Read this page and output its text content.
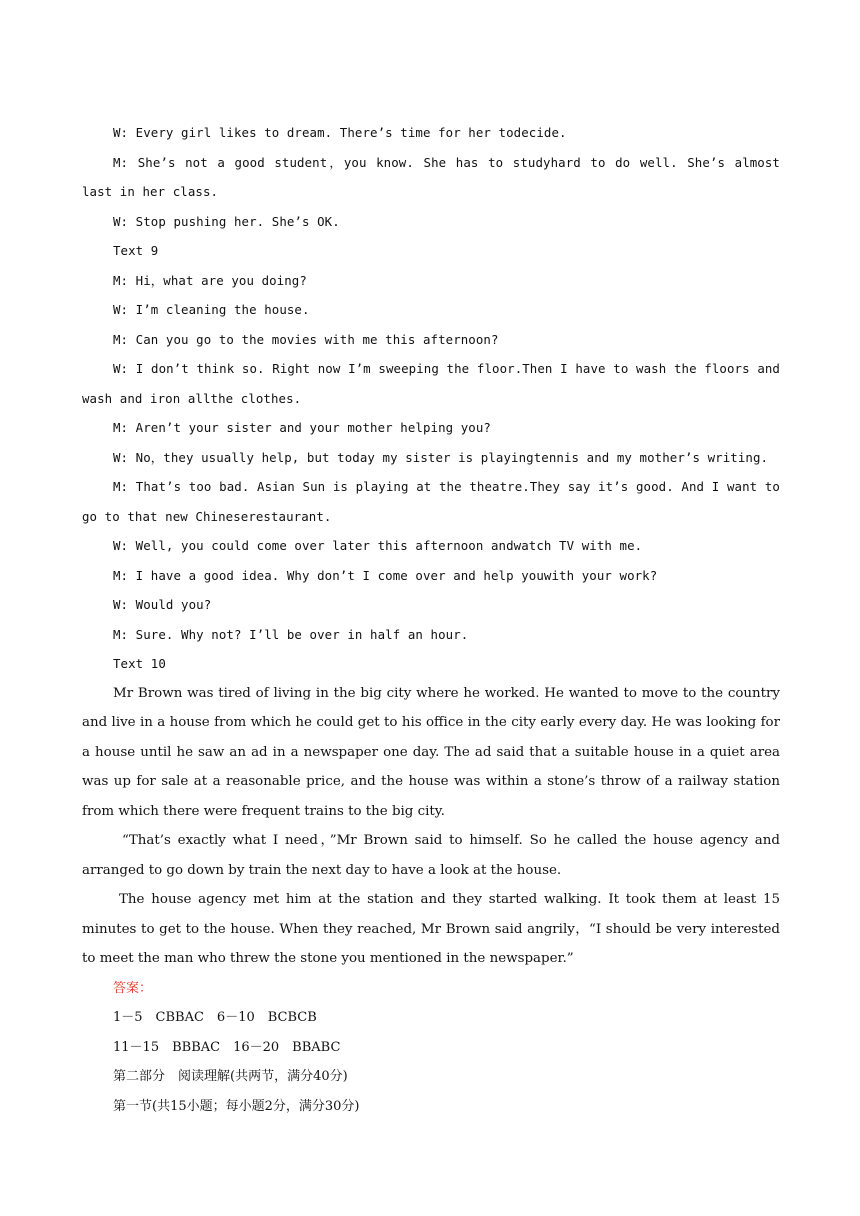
W: Every girl likes to dream. There’s time for her todecide.

M: She’s not a good student，you know. She has to studyhard to do well. She’s almost last in her class.

W: Stop pushing her. She’s OK.

Text 9

M: Hi，what are you doing?

W: I’m cleaning the house.

M: Can you go to the movies with me this afternoon?

W: I don’t think so. Right now I’m sweeping the floor.Then I have to wash the floors and wash and iron allthe clothes.

M: Aren’t your sister and your mother helping you?

W: No，they usually help, but today my sister is playingtennis and my mother’s writing.

M: That’s too bad. Asian Sun is playing at the theatre.They say it’s good. And I want to go to that new Chineserestaurant.

W: Well, you could come over later this afternoon andwatch TV with me.

M: I have a good idea. Why don’t I come over and help youwith your work?

W: Would you?

M: Sure. Why not? I’ll be over in half an hour.

Text 10

Mr Brown was tired of living in the big city where he worked. He wanted to move to the country and live in a house from which he could get to his office in the city early every day. He was looking for a house until he saw an ad in a newspaper one day. The ad said that a suitable house in a quiet area was up for sale at a reasonable price, and the house was within a stone’s throw of a railway station from which there were frequent trains to the big city.

“That’s exactly what I need，”Mr Brown said to himself. So he called the house agency and arranged to go down by train the next day to have a look at the house.

The house agency met him at the station and they started walking. It took them at least 15 minutes to get to the house. When they reached, Mr Brown said angrily，“I should be very interested to meet the man who threw the stone you mentioned in the newspaper.”

答案：

1－5　CBBAC　6－10　BCBCB

11－15　BBBAC　16－20　BBABC

第二部分　阅读理解(共两节，满分40分)

第一节(共15小题；每小题2分，满分30分)
